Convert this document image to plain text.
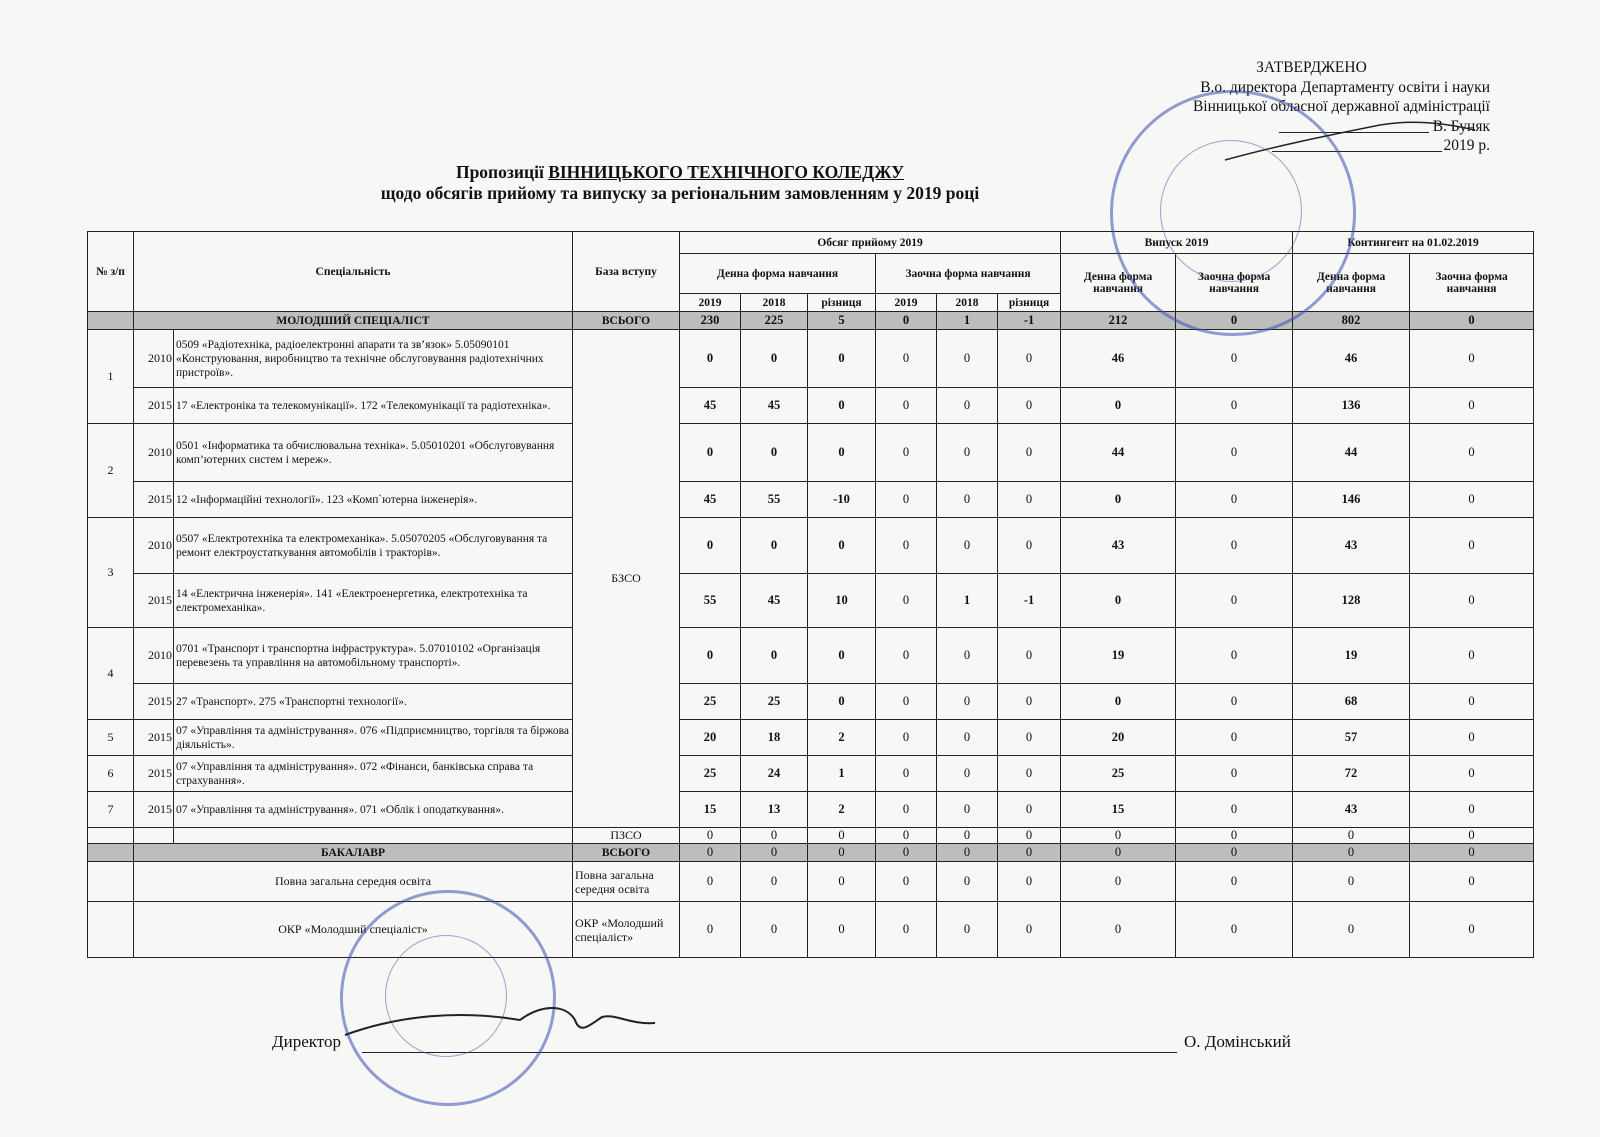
ЗАТВЕРДЖЕНО
В.о. директора Департаменту освіти і науки
Вінницької обласної державної адміністрації
В. Буняк
2019 р.
Пропозиції ВІННИЦЬКОГО ТЕХНІЧНОГО КОЛЕДЖУ
щодо обсягів прийому та випуску за регіональним замовленням у 2019 році
№ з/п	Спеціальність		База вступу	Обсяг прийому 2019						Випуск 2019		Контингент на 01.02.2019	
				Денна форма навчання			Заочна форма навчання			Денна форма навчання	Заочна форма навчання	Денна форма навчання	Заочна форма навчання
				2019	2018	різниця	2019	2018	різниця				
	МОЛОДШИЙ СПЕЦІАЛІСТ		ВСЬОГО	230	225	5	0	1	-1	212	0	802	0
1	2010	0509 «Радіотехніка, радіоелектронні апарати та зв’язок» 5.05090101 «Конструювання, виробництво та технічне обслуговування радіотехнічних пристроїв».	БЗСО	0	0	0	0	0	0	46	0	46	0
	2015	17 «Електроніка та телекомунікації». 172 «Телекомунікації та радіотехніка».		45	45	0	0	0	0	0	0	136	0
2	2010	0501 «Інформатика та обчислювальна техніка». 5.05010201 «Обслуговування комп’ютерних систем і мереж».		0	0	0	0	0	0	44	0	44	0
	2015	12 «Інформаційні технології». 123 «Комп`ютерна інженерія».		45	55	-10	0	0	0	0	0	146	0
3	2010	0507 «Електротехніка та електромеханіка». 5.05070205 «Обслуговування та ремонт електроустаткування автомобілів і тракторів».		0	0	0	0	0	0	43	0	43	0
	2015	14 «Електрична інженерія». 141 «Електроенергетика, електротехніка та електромеханіка».		55	45	10	0	1	-1	0	0	128	0
4	2010	0701 «Транспорт і транспортна інфраструктура». 5.07010102 «Організація перевезень та управління на автомобільному транспорті».		0	0	0	0	0	0	19	0	19	0
	2015	27 «Транспорт». 275 «Транспортні технології».		25	25	0	0	0	0	0	0	68	0
5	2015	07 «Управління та адміністрування». 076 «Підприємництво, торгівля та біржова діяльність».		20	18	2	0	0	0	20	0	57	0
6	2015	07 «Управління та адміністрування». 072 «Фінанси, банківська справа та страхування».		25	24	1	0	0	0	25	0	72	0
7	2015	07 «Управління та адміністрування». 071 «Облік і оподаткування».		15	13	2	0	0	0	15	0	43	0
			ПЗСО	0	0	0	0	0	0	0	0	0	0
	БАКАЛАВР		ВСЬОГО	0	0	0	0	0	0	0	0	0	0
	Повна загальна середня освіта		Повна загальна середня освіта	0	0	0	0	0	0	0	0	0	0
	ОКР «Молодший спеціаліст»		ОКР «Молодший спеціаліст»	0	0	0	0	0	0	0	0	0	0
Директор	О. Домінський
